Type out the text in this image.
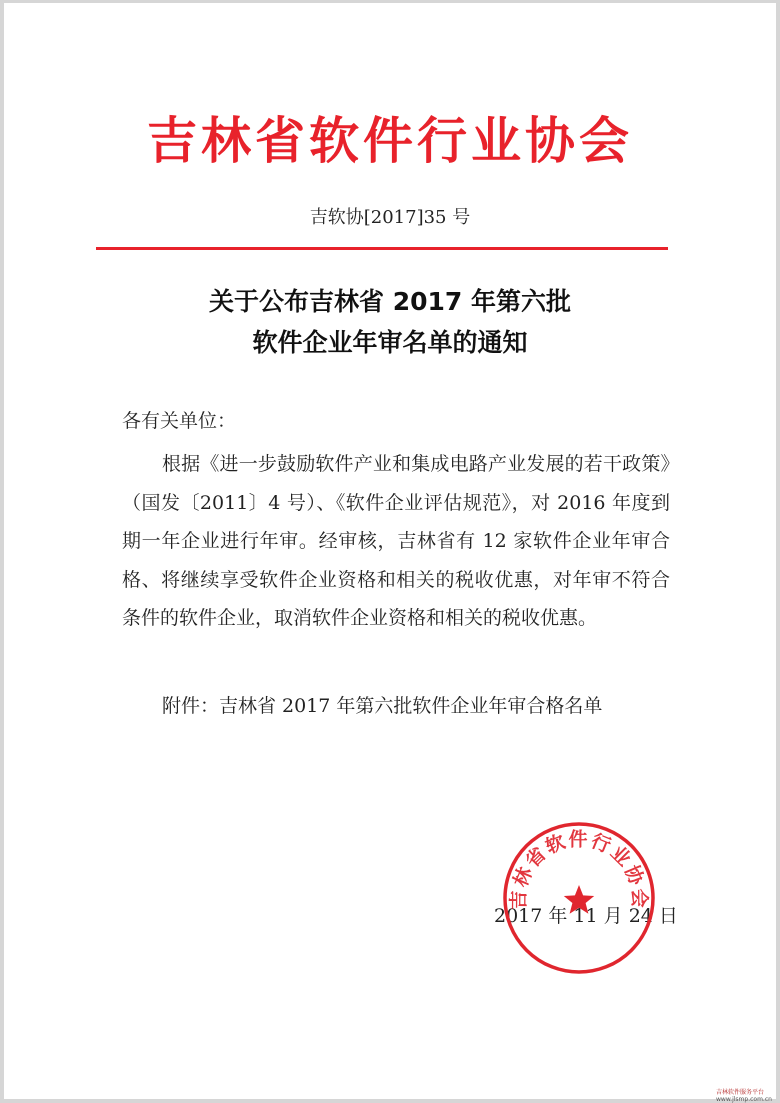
吉林省软件行业协会
吉软协[2017]35 号
关于公布吉林省 2017 年第六批
软件企业年审名单的通知
各有关单位：

根据《进一步鼓励软件产业和集成电路产业发展的若干政策》（国发〔2011〕4 号）、《软件企业评估规范》，对 2016 年度到期一年企业进行年审。经审核，吉林省有 12 家软件企业年审合格、将继续享受软件企业资格和相关的税收优惠，对年审不符合条件的软件企业，取消软件企业资格和相关的税收优惠。

附件：吉林省 2017 年第六批软件企业年审合格名单
2017 年 11 月 24 日
吉林省软件行业协会
吉林软件服务平台
www.jlsmp.com.cn
